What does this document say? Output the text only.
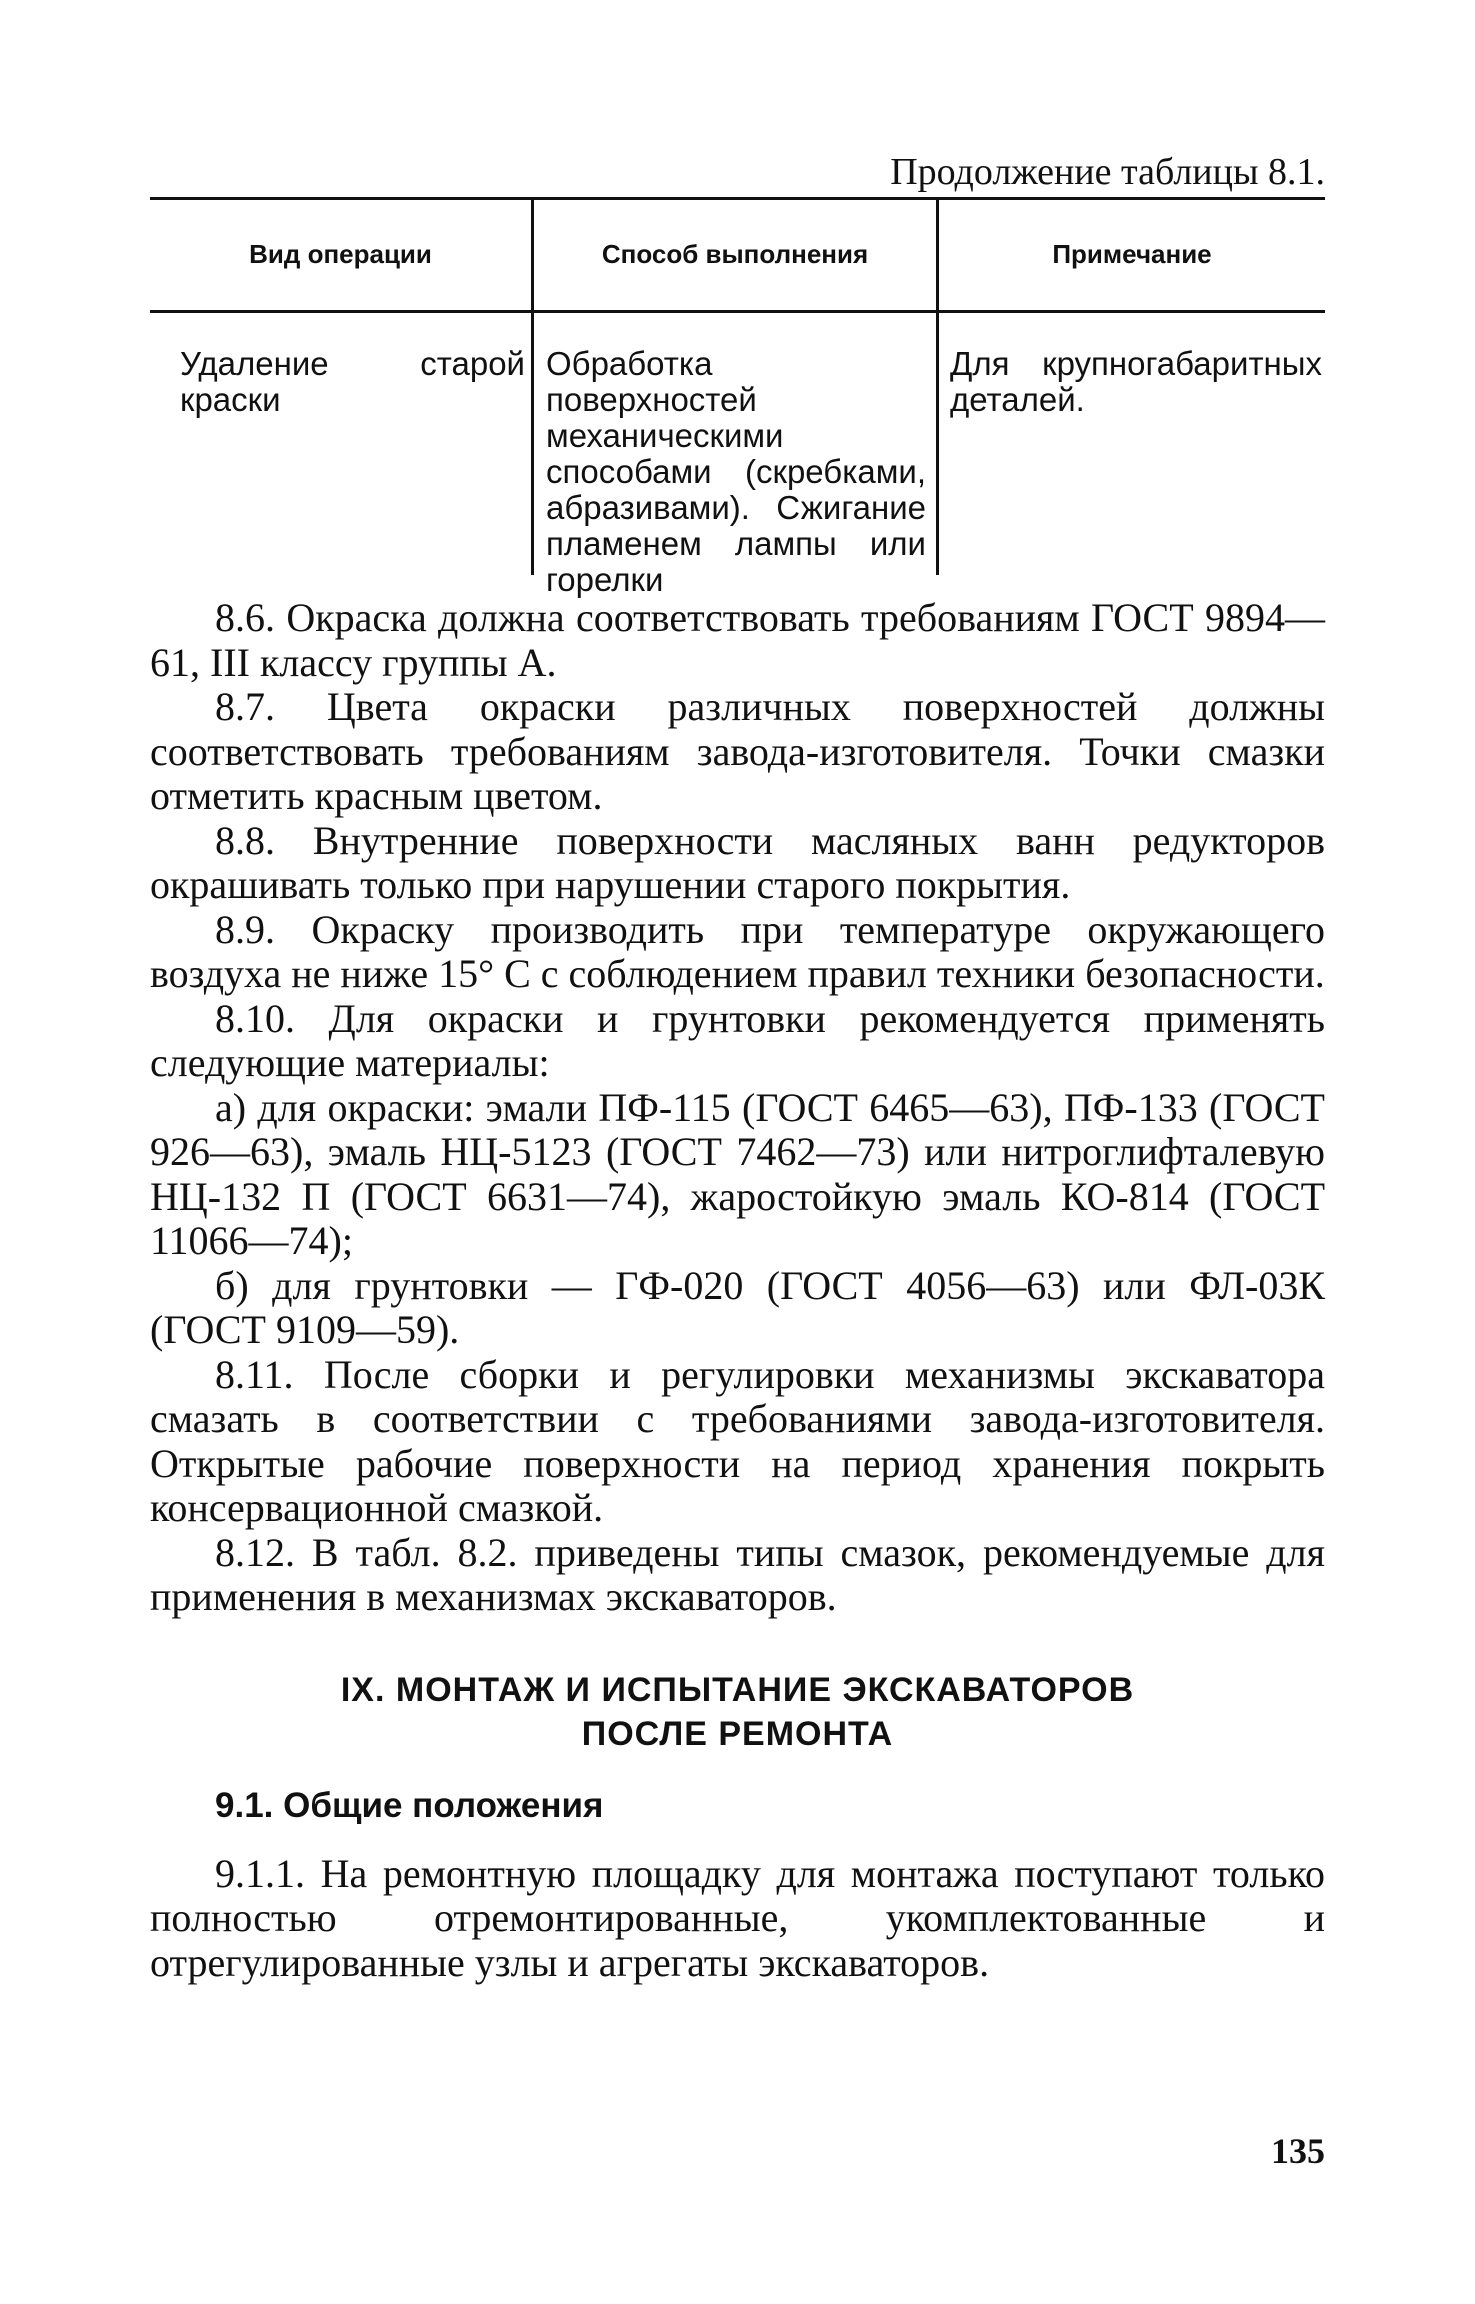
Продолжение таблицы 8.1.
Вид операции	Способ выполнения	Примечание
Удаление старой краски
Обработка поверхностей механическими способами (скребками, абразивами). Сжигание пламенем лампы или горелки
Для крупногабаритных деталей.

8.6. Окраска должна соответствовать требованиям ГОСТ 9894—61, III классу группы А.

8.7. Цвета окраски различных поверхностей должны соответствовать требованиям завода-изготовителя. Точки смазки отметить красным цветом.

8.8. Внутренние поверхности масляных ванн редукторов окрашивать только при нарушении старого покрытия.

8.9. Окраску производить при температуре окружающего воздуха не ниже 15° С с соблюдением правил техники безопасности.

8.10. Для окраски и грунтовки рекомендуется применять следующие материалы:

а) для окраски: эмали ПФ-115 (ГОСТ 6465—63), ПФ-133 (ГОСТ 926—63), эмаль НЦ-5123 (ГОСТ 7462—73) или нитроглифталевую НЦ-132 П (ГОСТ 6631—74), жаростойкую эмаль КО-814 (ГОСТ 11066—74);

б) для грунтовки — ГФ-020 (ГОСТ 4056—63) или ФЛ-03К (ГОСТ 9109—59).

8.11. После сборки и регулировки механизмы экскаватора смазать в соответствии с требованиями завода-изготовителя. Открытые рабочие поверхности на период хранения покрыть консервационной смазкой.

8.12. В табл. 8.2. приведены типы смазок, рекомендуемые для применения в механизмах экскаваторов.

IX. МОНТАЖ И ИСПЫТАНИЕ ЭКСКАВАТОРОВ
ПОСЛЕ РЕМОНТА

9.1. Общие положения

9.1.1. На ремонтную площадку для монтажа поступают только полностью отремонтированные, укомплектованные и отрегулированные узлы и агрегаты экскаваторов.

135
